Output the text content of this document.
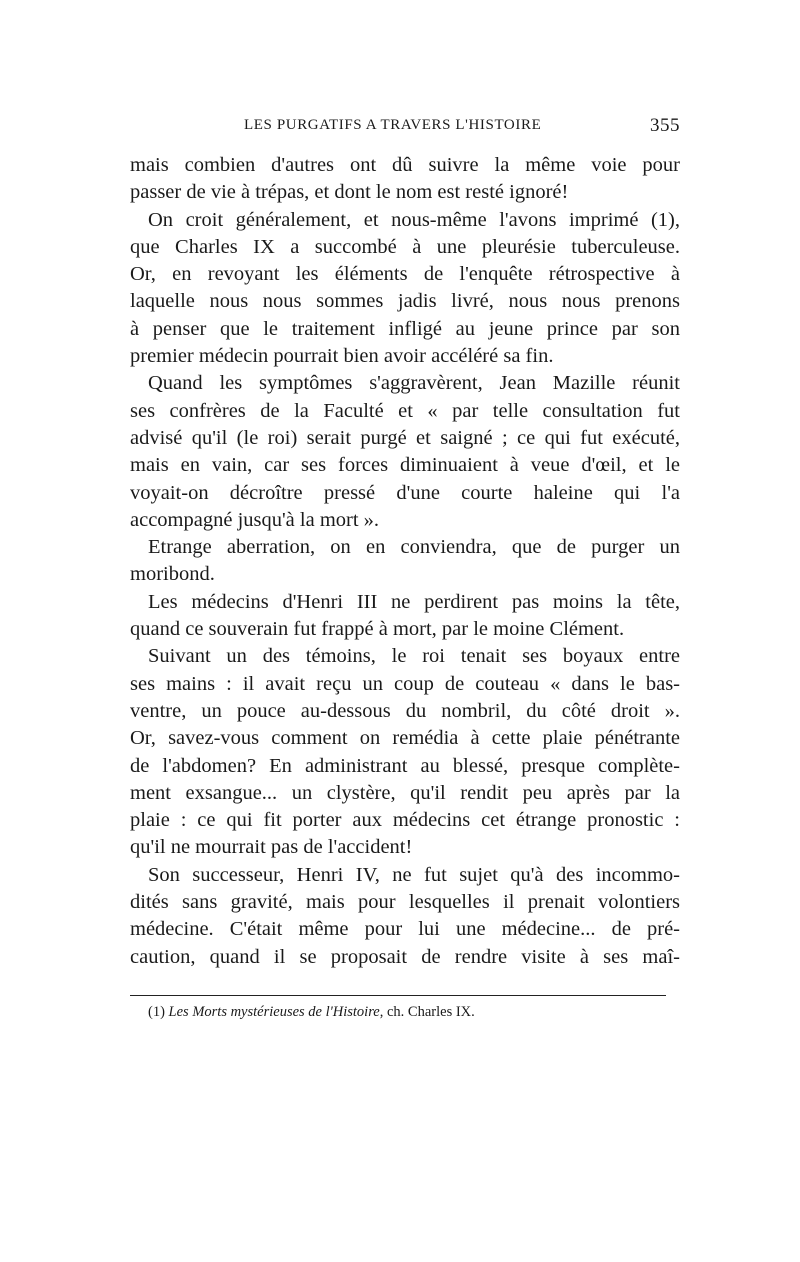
LES PURGATIFS A TRAVERS L'HISTOIRE	355
mais combien d'autres ont dû suivre la même voie pour
passer de vie à trépas, et dont le nom est resté ignoré!
On croit généralement, et nous-même l'avons imprimé (1),
que Charles IX a succombé à une pleurésie tuberculeuse.
Or, en revoyant les éléments de l'enquête rétrospective à
laquelle nous nous sommes jadis livré, nous nous prenons
à penser que le traitement infligé au jeune prince par son
premier médecin pourrait bien avoir accéléré sa fin.
Quand les symptômes s'aggravèrent, Jean Mazille réunit
ses confrères de la Faculté et « par telle consultation fut
advisé qu'il (le roi) serait purgé et saigné ; ce qui fut exécuté,
mais en vain, car ses forces diminuaient à veue d'œil, et le
voyait-on décroître pressé d'une courte haleine qui l'a
accompagné jusqu'à la mort ».
Etrange aberration, on en conviendra, que de purger un
moribond.
Les médecins d'Henri III ne perdirent pas moins la tête,
quand ce souverain fut frappé à mort, par le moine Clément.
Suivant un des témoins, le roi tenait ses boyaux entre
ses mains : il avait reçu un coup de couteau « dans le bas-
ventre, un pouce au-dessous du nombril, du côté droit ».
Or, savez-vous comment on remédia à cette plaie pénétrante
de l'abdomen? En administrant au blessé, presque complète-
ment exsangue... un clystère, qu'il rendit peu après par la
plaie : ce qui fit porter aux médecins cet étrange pronostic :
qu'il ne mourrait pas de l'accident!
Son successeur, Henri IV, ne fut sujet qu'à des incommo-
dités sans gravité, mais pour lesquelles il prenait volontiers
médecine. C'était même pour lui une médecine... de pré-
caution, quand il se proposait de rendre visite à ses maî-
(1) Les Morts mystérieuses de l'Histoire, ch. Charles IX.
